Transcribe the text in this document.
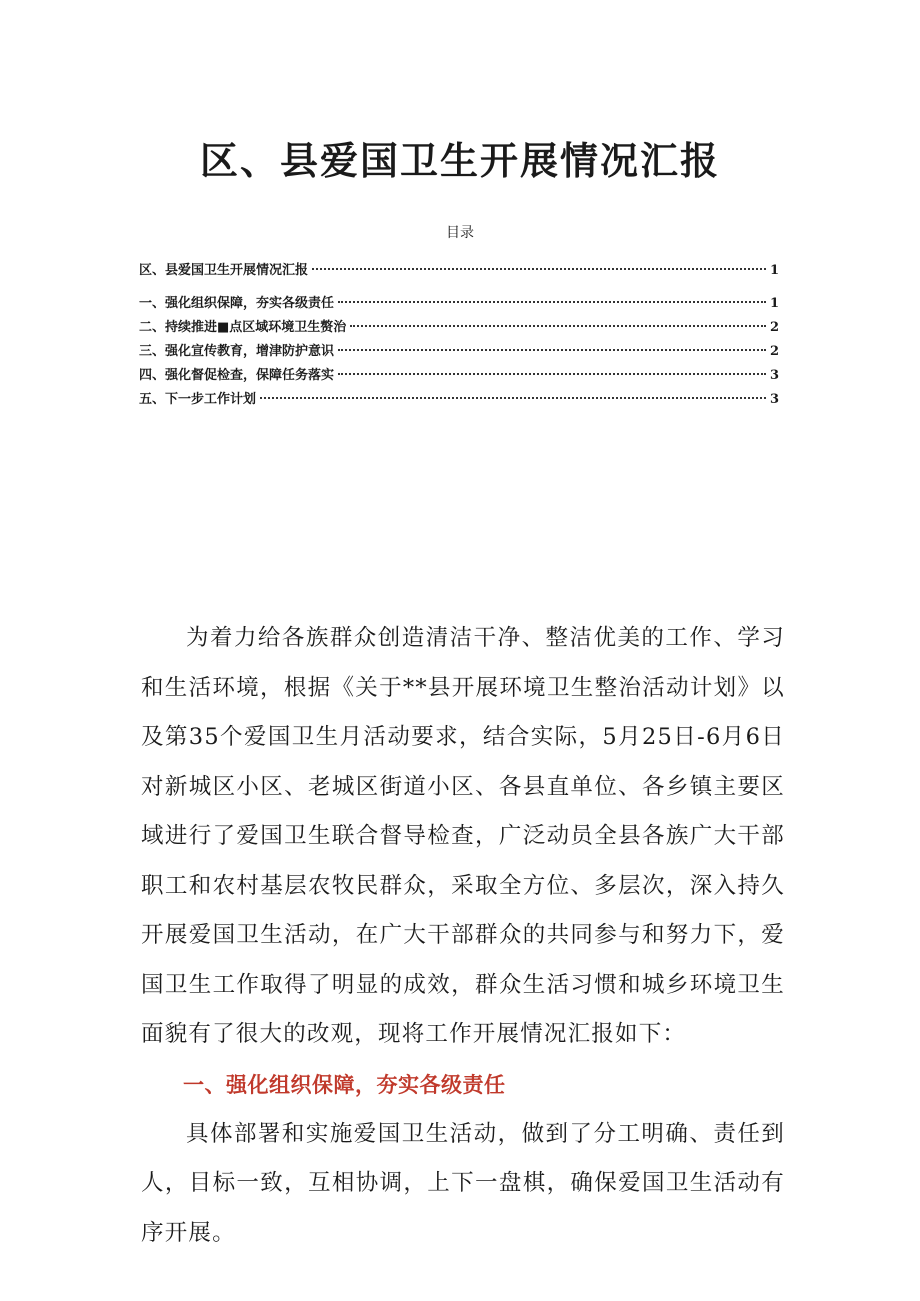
区、县爱国卫生开展情况汇报
目录
区、县爱国卫生开展情况汇报	1
一、强化组织保障，夯实各级责任	1
二、持续推进■点区域环境卫生赘治	2
三、强化宣传教育，增津防护意识	2
四、强化督促检查，保障任务落实	3
五、下一步工作计划	3

为着力给各族群众创造清洁干净、整洁优美的工作、学习和生活环境，根据《关于**县开展环境卫生整治活动计划》以及第35个爱国卫生月活动要求，结合实际，5月25日-6月6日对新城区小区、老城区街道小区、各县直单位、各乡镇主要区域进行了爱国卫生联合督导检查，广泛动员全县各族广大干部职工和农村基层农牧民群众，采取全方位、多层次，深入持久开展爱国卫生活动，在广大干部群众的共同参与和努力下，爱国卫生工作取得了明显的成效，群众生活习惯和城乡环境卫生面貌有了很大的改观，现将工作开展情况汇报如下：

一、强化组织保障，夯实各级责任

具体部署和实施爱国卫生活动，做到了分工明确、责任到人，目标一致，互相协调，上下一盘棋，确保爱国卫生活动有序开展。
